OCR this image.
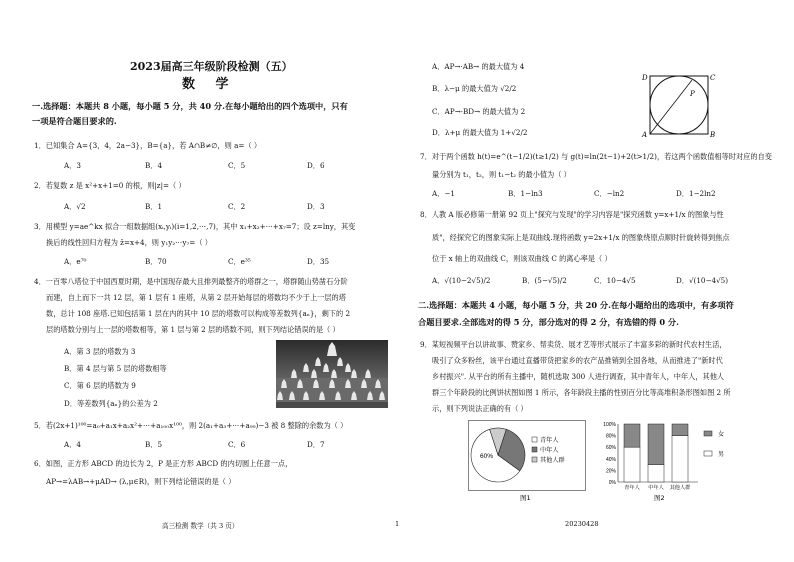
2023届高三年级阶段检测（五）
数 学
一.选择题：本题共 8 小题，每小题 5 分，共 40 分.在每小题给出的四个选项中，只有
一项是符合题目要求的.
1．已知集合 A={3，4，2a−3}，B={a}，若 A∩B≠∅，则 a=（ ）
A．3	B．4	C．5	D．6
2．若复数 z 是 x²+x+1=0 的根，则|z|=（ ）
A．√2	B．1	C．2	D．3
3．用模型 y=ae^kx 拟合一组数据组(xᵢ,yᵢ)(i=1,2,⋯,7)，其中 x₁+x₂+⋯+x₇=7；设 z=lny，其变
换后的线性回归方程为 ẑ=x+4，则 y₁y₂⋯y₇=（ ）
A．e⁷⁰	B．70	C．e³⁵	D．35
4．一百零八塔位于中国西夏时期，是中国现存最大且排列最整齐的塔群之一，塔群随山势凿石分阶
而建，自上而下一共 12 层，第 1 层有 1 座塔，从第 2 层开始每层的塔数均不少于上一层的塔
数，总计 108 座塔.已知包括第 1 层在内的其中 10 层的塔数可以构成等差数列{aₙ}，剩下的 2
层的塔数分别与上一层的塔数相等，第 1 层与第 2 层的塔数不同，则下列结论错误的是（ ）
A．第 3 层的塔数为 3
B．第 4 层与第 5 层的塔数相等
C．第 6 层的塔数为 9
D．等差数列{aₙ}的公差为 2
5．若(2x+1)¹⁰⁰=a₀+a₁x+a₂x²+⋯+a₁₀₀x¹⁰⁰，则 2(a₁+a₃+⋯+a₉₉)−3 被 8 整除的余数为（ ）
A．4	B．5	C．6	D．7
6．如图，正方形 ABCD 的边长为 2，P 是正方形 ABCD 的内切圆上任意一点，
AP→=λAB→+μAD→ (λ,μ∈R)，则下列结论错误的是（ ）
高三检测 数学（共 3 页）	1	20230428
A．AP→·AB→ 的最大值为 4
B．λ−μ 的最大值为 √2/2
C．AP→·BD→ 的最大值为 2
D．λ+μ 的最大值为 1+√2/2
D	C
A	B
P
7．对于两个函数 h(t)=e^(t−1/2)(t≥1/2) 与 g(t)=ln(2t−1)+2(t>1/2)，若这两个函数值相等时对应的自变
量分别为 t₁，t₂，则 t₁−t₂ 的最小值为（ ）
A．−1	B．1−ln3	C．−ln2	D．1−2ln2
8．人教 A 版必修第一册第 92 页上"探究与发现"的学习内容是"探究函数 y=x+1/x 的图象与性
质"，经探究它的图象实际上是双曲线.现将函数 y=2x+1/x 的图象绕原点顺时针旋转得到焦点
位于 x 轴上的双曲线 C，则该双曲线 C 的离心率是（ ）
A．√(10−2√5)/2	B．(5−√5)/2	C．10−4√5	D．√(10−4√5)
二.选择题：本题共 4 小题，每小题 5 分，共 20 分.在每小题给出的选项中，有多项符
合题目要求.全部选对的得 5 分，部分选对的得 2 分，有选错的得 0 分.
9．某短视频平台以讲故事、赞家乡、帮卖货、展才艺等形式展示了丰富多彩的新时代农村生活，
吸引了众多粉丝，该平台通过直播带货把家乡的农产品推销到全国各地，从而推进了"新时代
乡村振兴". 从平台的所有主播中，随机选取 300 人进行调查，其中青年人，中年人，其他人
群三个年龄段的比例饼状图如图 1 所示，各年龄段主播的性别百分比等高堆积条形图如图 2 所
示，则下列说法正确的有（ ）
60%
青年人
中年人
其他人群
图1
100%
80%
60%
40%
20%
0%
青年人 中年人 其他人群
女
男
图2
